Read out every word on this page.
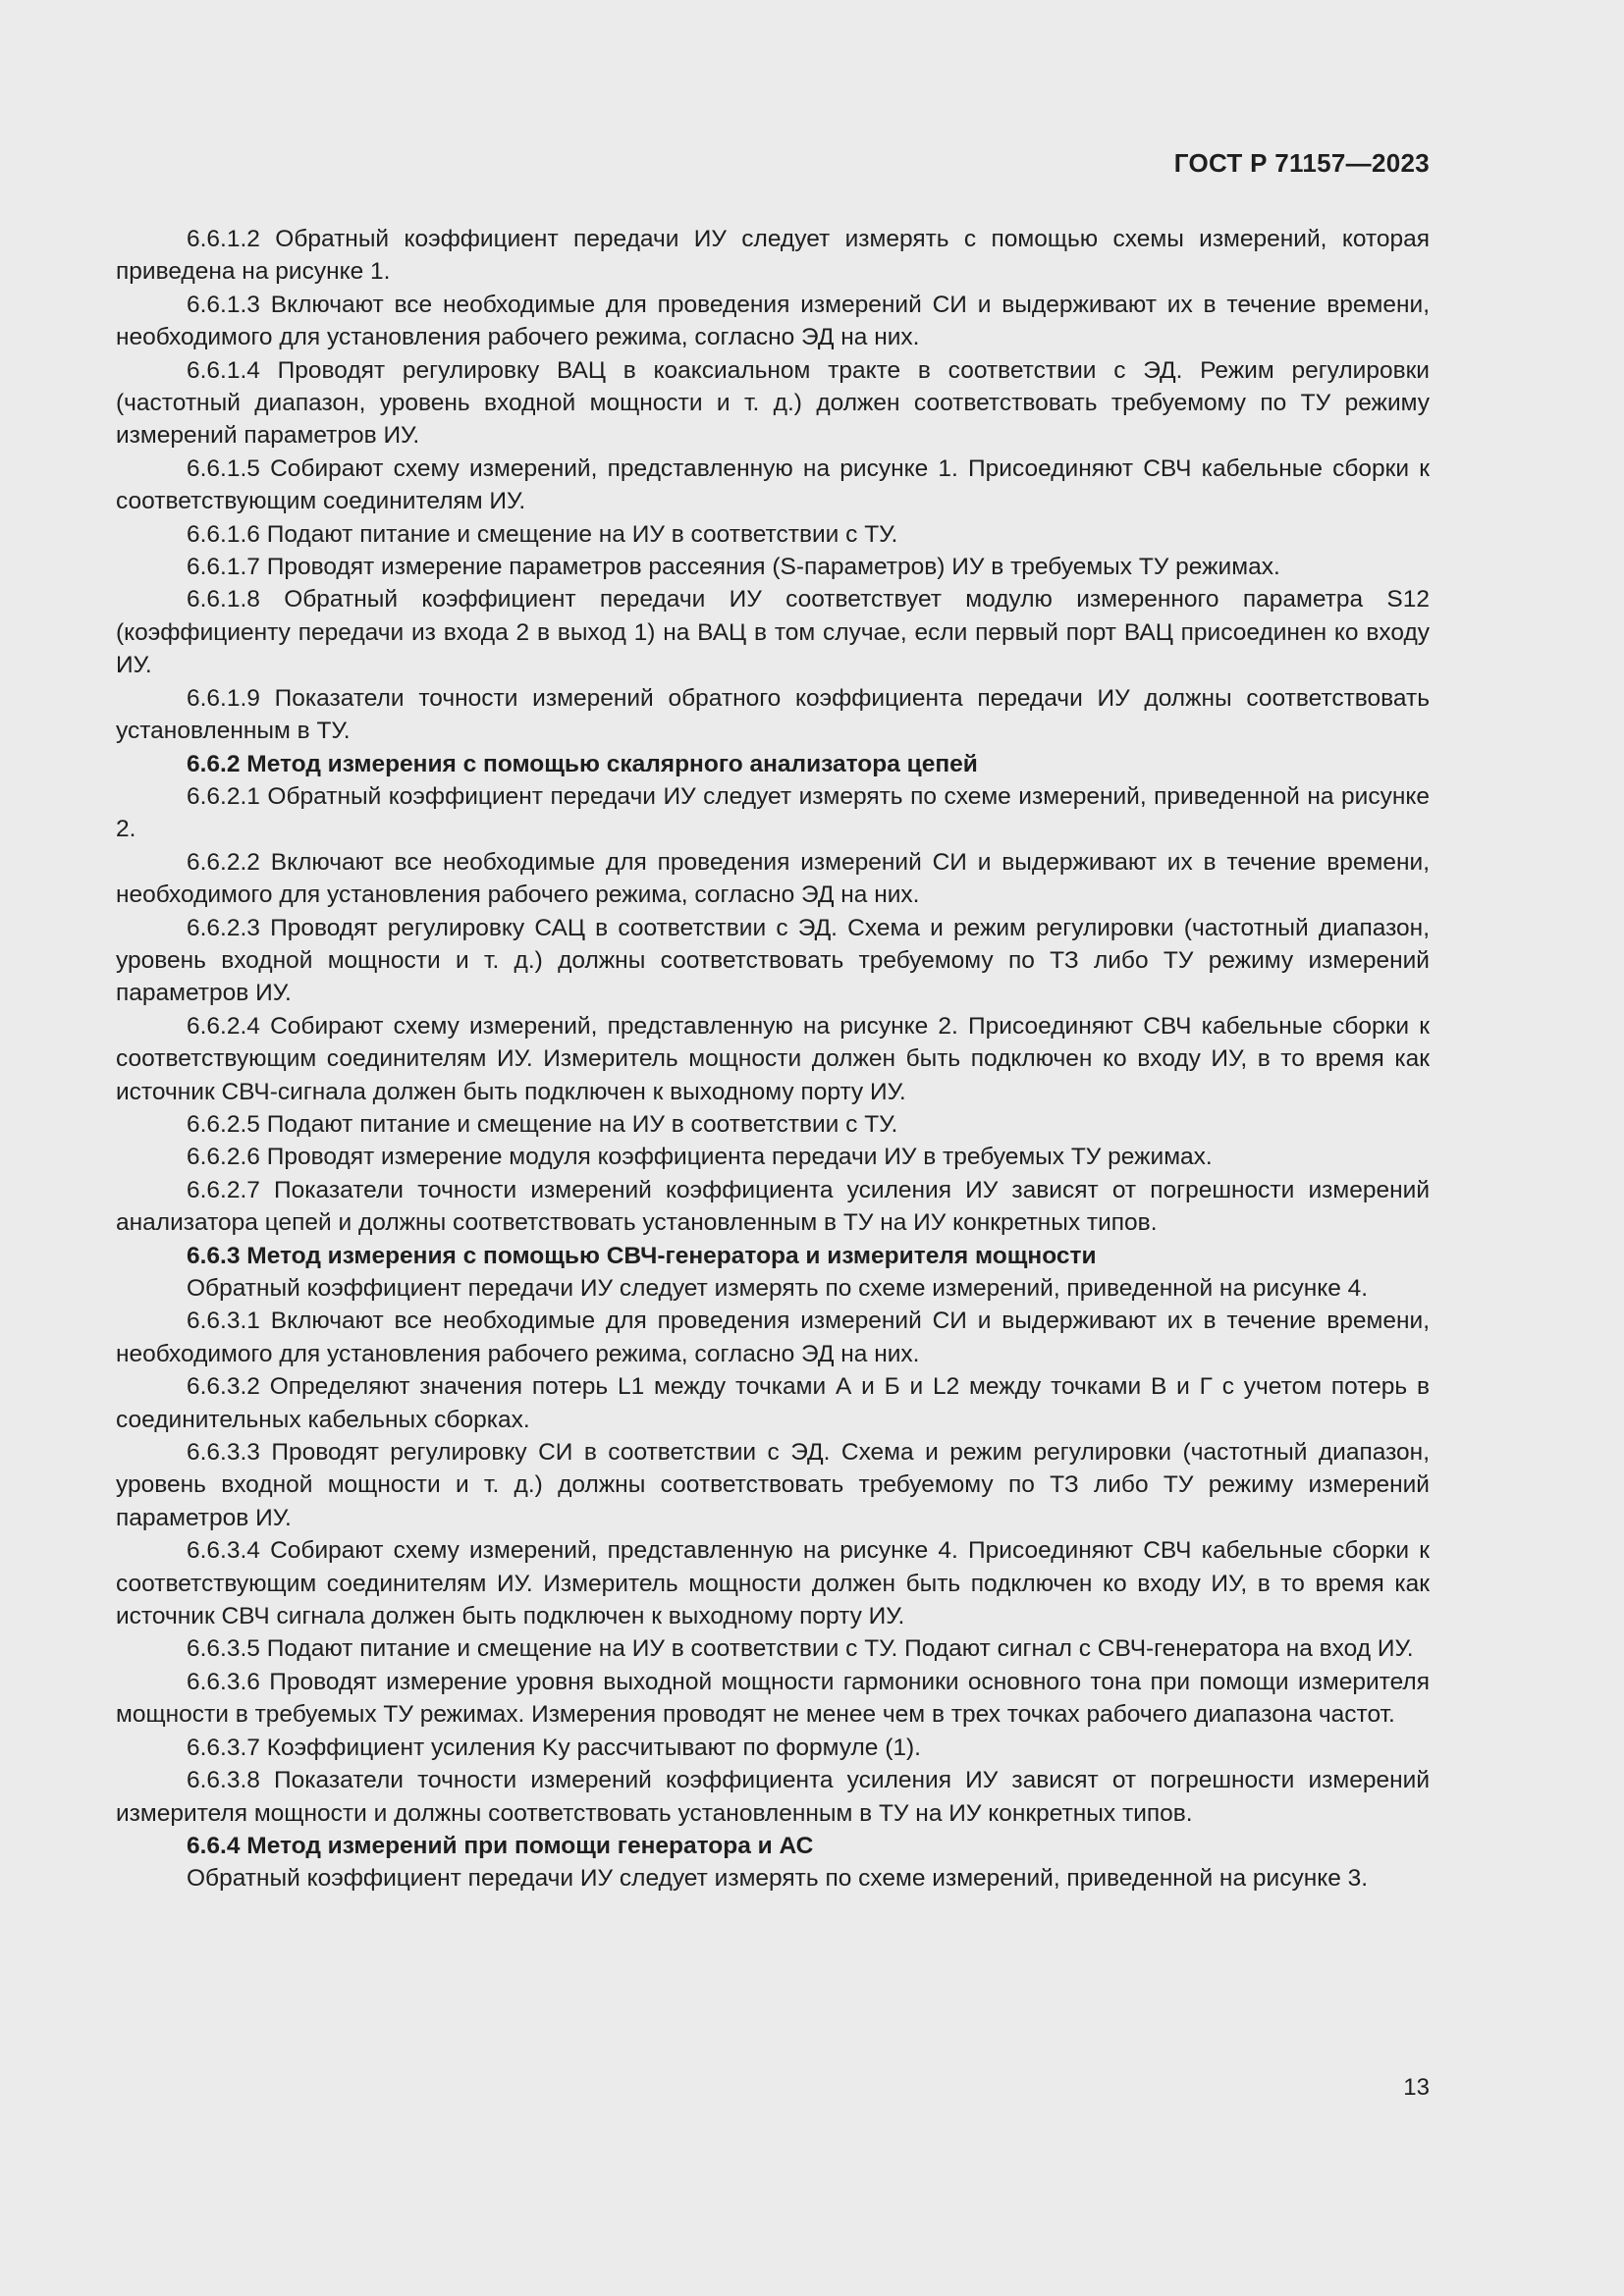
ГОСТ Р 71157—2023

6.6.1.2 Обратный коэффициент передачи ИУ следует измерять с помощью схемы измерений, которая приведена на рисунке 1.

6.6.1.3 Включают все необходимые для проведения измерений СИ и выдерживают их в течение времени, необходимого для установления рабочего режима, согласно ЭД на них.

6.6.1.4 Проводят регулировку ВАЦ в коаксиальном тракте в соответствии с ЭД. Режим регулировки (частотный диапазон, уровень входной мощности и т. д.) должен соответствовать требуемому по ТУ режиму измерений параметров ИУ.

6.6.1.5 Собирают схему измерений, представленную на рисунке 1. Присоединяют СВЧ кабельные сборки к соответствующим соединителям ИУ.

6.6.1.6 Подают питание и смещение на ИУ в соответствии с ТУ.

6.6.1.7 Проводят измерение параметров рассеяния (S-параметров) ИУ в требуемых ТУ режимах.

6.6.1.8 Обратный коэффициент передачи ИУ соответствует модулю измеренного параметра S12 (коэффициенту передачи из входа 2 в выход 1) на ВАЦ в том случае, если первый порт ВАЦ присоединен ко входу ИУ.

6.6.1.9 Показатели точности измерений обратного коэффициента передачи ИУ должны соответствовать установленным в ТУ.

6.6.2 Метод измерения с помощью скалярного анализатора цепей

6.6.2.1 Обратный коэффициент передачи ИУ следует измерять по схеме измерений, приведенной на рисунке 2.

6.6.2.2 Включают все необходимые для проведения измерений СИ и выдерживают их в течение времени, необходимого для установления рабочего режима, согласно ЭД на них.

6.6.2.3 Проводят регулировку САЦ в соответствии с ЭД. Схема и режим регулировки (частотный диапазон, уровень входной мощности и т. д.) должны соответствовать требуемому по ТЗ либо ТУ режиму измерений параметров ИУ.

6.6.2.4 Собирают схему измерений, представленную на рисунке 2. Присоединяют СВЧ кабельные сборки к соответствующим соединителям ИУ. Измеритель мощности должен быть подключен ко входу ИУ, в то время как источник СВЧ-сигнала должен быть подключен к выходному порту ИУ.

6.6.2.5 Подают питание и смещение на ИУ в соответствии с ТУ.

6.6.2.6 Проводят измерение модуля коэффициента передачи ИУ в требуемых ТУ режимах.

6.6.2.7 Показатели точности измерений коэффициента усиления ИУ зависят от погрешности измерений анализатора цепей и должны соответствовать установленным в ТУ на ИУ конкретных типов.

6.6.3 Метод измерения с помощью СВЧ-генератора и измерителя мощности

Обратный коэффициент передачи ИУ следует измерять по схеме измерений, приведенной на рисунке 4.

6.6.3.1 Включают все необходимые для проведения измерений СИ и выдерживают их в течение времени, необходимого для установления рабочего режима, согласно ЭД на них.

6.6.3.2 Определяют значения потерь L1 между точками А и Б и L2 между точками В и Г с учетом потерь в соединительных кабельных сборках.

6.6.3.3 Проводят регулировку СИ в соответствии с ЭД. Схема и режим регулировки (частотный диапазон, уровень входной мощности и т. д.) должны соответствовать требуемому по ТЗ либо ТУ режиму измерений параметров ИУ.

6.6.3.4 Собирают схему измерений, представленную на рисунке 4. Присоединяют СВЧ кабельные сборки к соответствующим соединителям ИУ. Измеритель мощности должен быть подключен ко входу ИУ, в то время как источник СВЧ сигнала должен быть подключен к выходному порту ИУ.

6.6.3.5 Подают питание и смещение на ИУ в соответствии с ТУ. Подают сигнал с СВЧ-генератора на вход ИУ.

6.6.3.6 Проводят измерение уровня выходной мощности гармоники основного тона при помощи измерителя мощности в требуемых ТУ режимах. Измерения проводят не менее чем в трех точках рабочего диапазона частот.

6.6.3.7 Коэффициент усиления Kу рассчитывают по формуле (1).

6.6.3.8 Показатели точности измерений коэффициента усиления ИУ зависят от погрешности измерений измерителя мощности и должны соответствовать установленным в ТУ на ИУ конкретных типов.

6.6.4 Метод измерений при помощи генератора и АС

Обратный коэффициент передачи ИУ следует измерять по схеме измерений, приведенной на рисунке 3.

13
